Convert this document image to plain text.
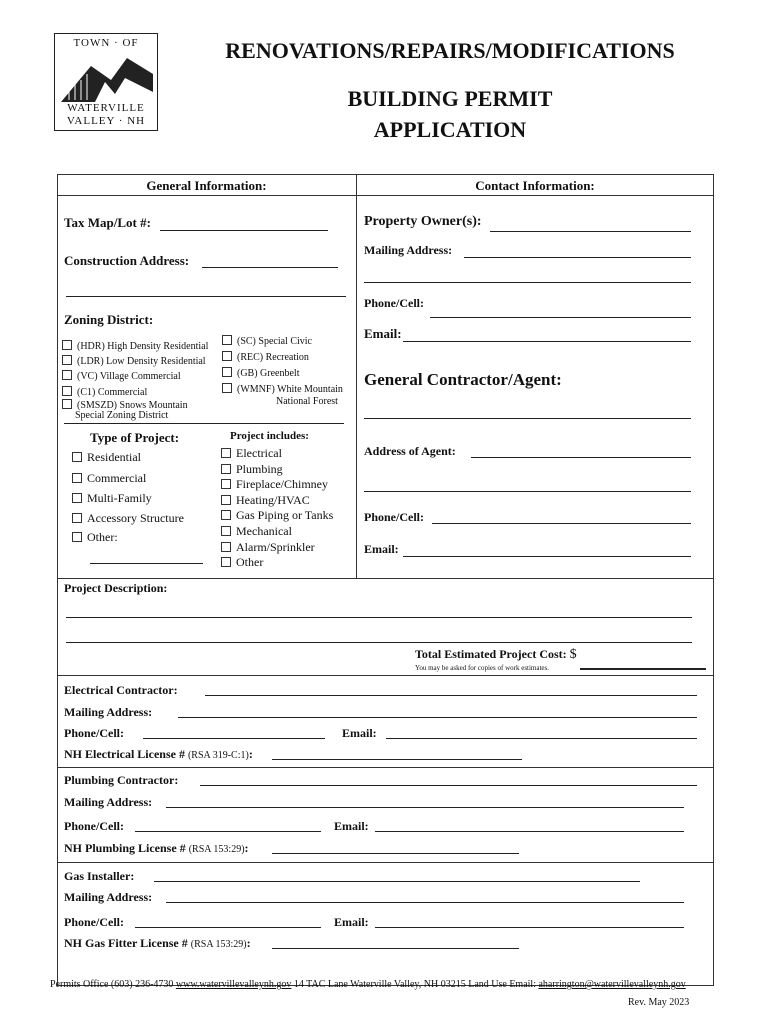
TOWN · OF
WATERVILLE
VALLEY · NH
RENOVATIONS/REPAIRS/MODIFICATIONS
BUILDING PERMIT
APPLICATION
General Information:	Contact Information:
Tax Map/Lot #:
Construction Address:
Zoning District:
(HDR) High Density Residential
(LDR) Low Density Residential
(VC) Village Commercial
(C1) Commercial
(SMSZD) Snows Mountain
Special Zoning District
(SC) Special Civic
(REC) Recreation
(GB) Greenbelt
(WMNF) White Mountain
National Forest
Type of Project:
Residential
Commercial
Multi-Family
Accessory Structure
Other:
Project includes:
Electrical
Plumbing
Fireplace/Chimney
Heating/HVAC
Gas Piping or Tanks
Mechanical
Alarm/Sprinkler
Other
Property Owner(s):
Mailing Address:
Phone/Cell:
Email:
General Contractor/Agent:
Address of Agent:
Phone/Cell:
Email:
Project Description:
Total Estimated Project Cost: $
You may be asked for copies of work estimates.
Electrical Contractor:
Mailing Address:
Phone/Cell:	Email:
NH Electrical License # (RSA 319-C:1):
Plumbing Contractor:
Mailing Address:
Phone/Cell:	Email:
NH Plumbing License # (RSA 153:29):
Gas Installer:
Mailing Address:
Phone/Cell:	Email:
NH Gas Fitter License # (RSA 153:29):
Permits Office (603) 236-4730 www.watervillevalleynh.gov 14 TAC Lane Waterville Valley, NH 03215 Land Use Email: aharrington@watervillevalleynh.gov
Rev. May 2023
